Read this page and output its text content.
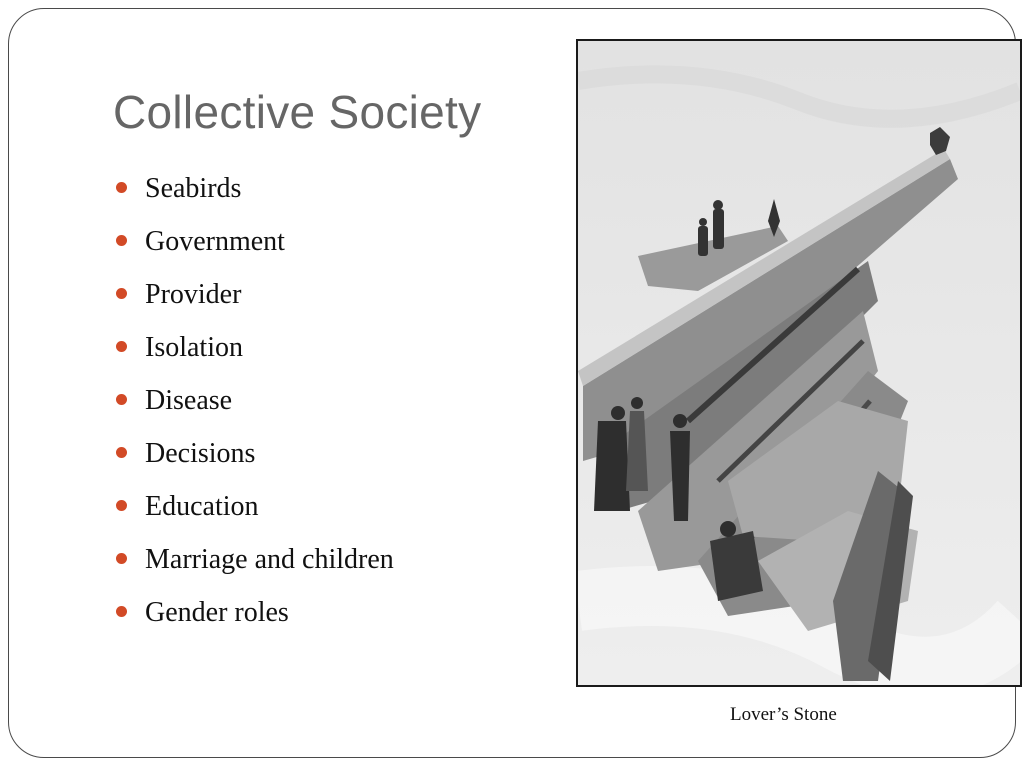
Collective Society
Seabirds
Government
Provider
Isolation
Disease
Decisions
Education
Marriage and children
Gender roles
Lover’s Stone
